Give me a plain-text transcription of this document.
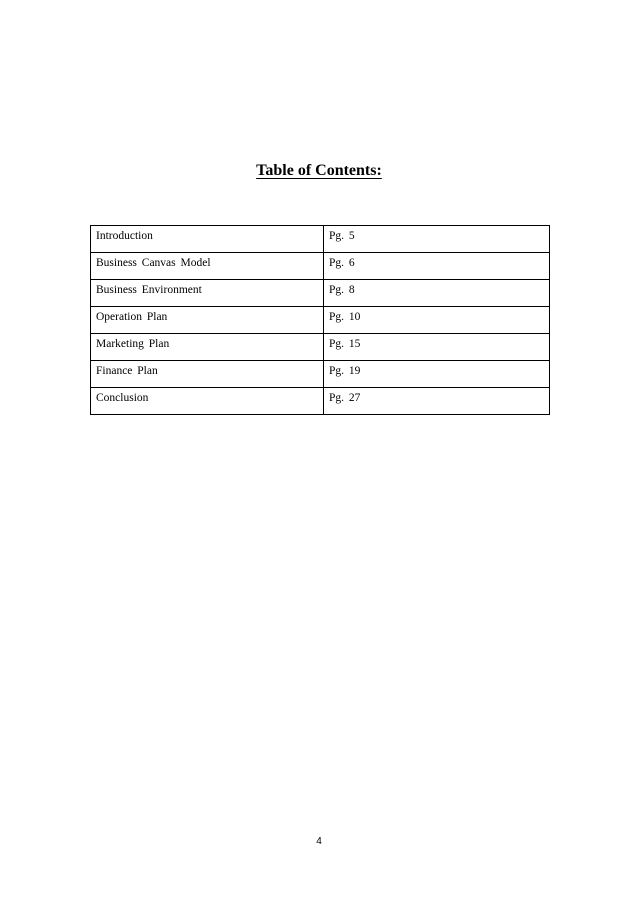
Table of Contents:
Introduction	Pg. 5
Business Canvas Model	Pg. 6
Business Environment	Pg. 8
Operation Plan	Pg. 10
Marketing Plan	Pg. 15
Finance Plan	Pg. 19
Conclusion	Pg. 27
4
